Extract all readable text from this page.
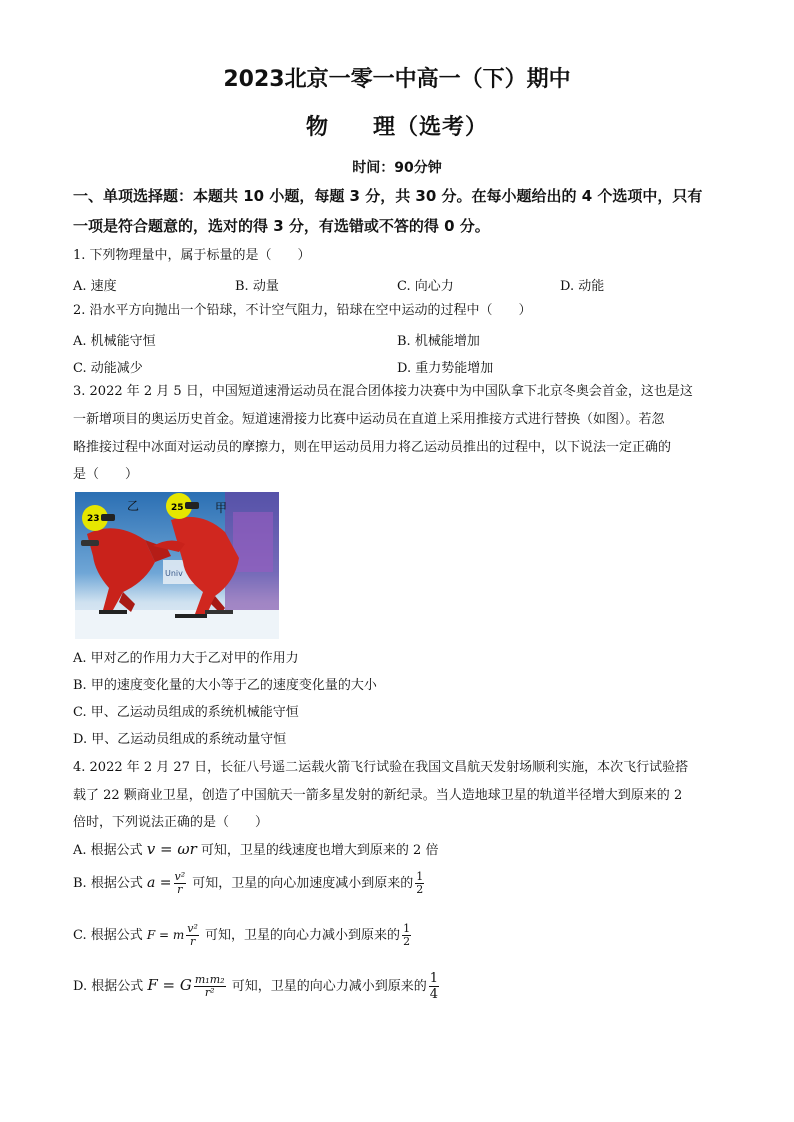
2023北京一零一中高一（下）期中
物 理（选考）
时间：90分钟
一、单项选择题：本题共 10 小题，每题 3 分，共 30 分。在每小题给出的 4 个选项中，只有
一项是符合题意的，选对的得 3 分，有选错或不答的得 0 分。
1. 下列物理量中，属于标量的是（　　）
A. 速度	B. 动量	C. 向心力	D. 动能
2. 沿水平方向抛出一个铅球，不计空气阻力，铅球在空中运动的过程中（　　）
A. 机械能守恒	B. 机械能增加
C. 动能减少	D. 重力势能增加
3. 2022 年 2 月 5 日，中国短道速滑运动员在混合团体接力决赛中为中国队拿下北京冬奥会首金，这也是这
一新增项目的奥运历史首金。短道速滑接力比赛中运动员在直道上采用推接方式进行替换（如图）。若忽
略推接过程中冰面对运动员的摩擦力，则在甲运动员用力将乙运动员推出的过程中，以下说法一定正确的
是（　　）
Univ
23
25
乙	甲
A. 甲对乙的作用力大于乙对甲的作用力
B. 甲的速度变化量的大小等于乙的速度变化量的大小
C. 甲、乙运动员组成的系统机械能守恒
D. 甲、乙运动员组成的系统动量守恒
4. 2022 年 2 月 27 日，长征八号遥二运载火箭飞行试验在我国文昌航天发射场顺利实施，本次飞行试验搭
载了 22 颗商业卫星，创造了中国航天一箭多星发射的新纪录。当人造地球卫星的轨道半径增大到原来的 2
倍时，下列说法正确的是（　　）
A. 根据公式 v = ωr 可知，卫星的线速度也增大到原来的 2 倍
B. 根据公式 $a = \frac{\text{v²}}{r}$ 可知，卫星的向心加速度减小到原来的 $\frac{1}{2}$
C. 根据公式 F = m $\frac{\text{v²}}{r}$ 可知，卫星的向心力减小到原来的 $\frac{1}{2}$
D. 根据公式 F = G $\frac{\text{m₁m₂}}{\text{r²}}$ 可知，卫星的向心力减小到原来的 $\frac{1}{4}$
